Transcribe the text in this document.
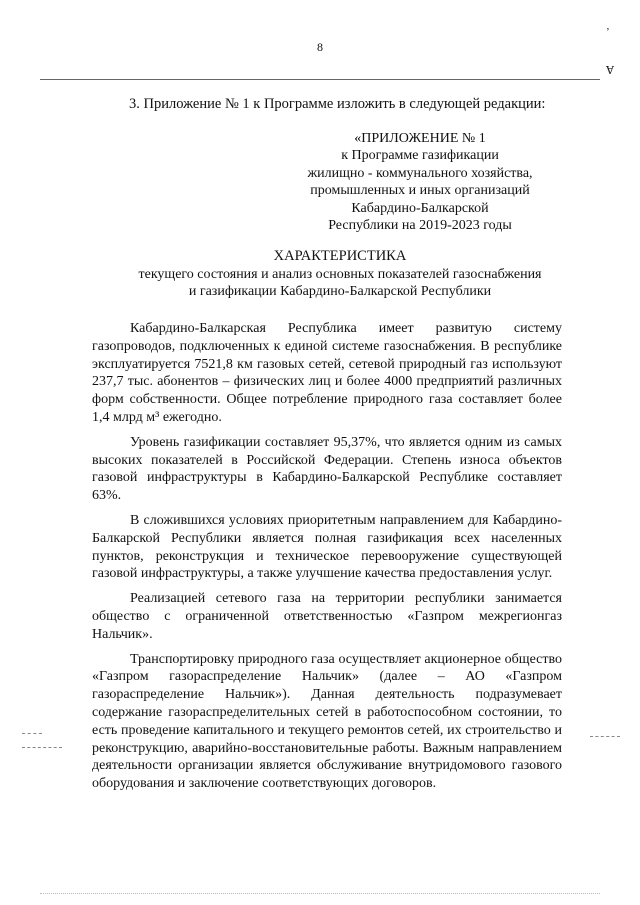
8
’
Ɐ
3. Приложение № 1 к Программе изложить в следующей редакции:
«ПРИЛОЖЕНИЕ № 1
к Программе газификации
жилищно - коммунального хозяйства,
промышленных и иных организаций
Кабардино-Балкарской
Республики на 2019-2023 годы
ХАРАКТЕРИСТИКА
текущего состояния и анализ основных показателей газоснабжения
и газификации Кабардино-Балкарской Республики

Кабардино-Балкарская Республика имеет развитую систему газопроводов, подключенных к единой системе газоснабжения. В республике эксплуатируется 7521,8 км газовых сетей, сетевой природный газ используют 237,7 тыс. абонентов – физических лиц и более 4000 предприятий различных форм собственности. Общее потребление природного газа составляет более 1,4 млрд м³ ежегодно.

Уровень газификации составляет 95,37%, что является одним из самых высоких показателей в Российской Федерации. Степень износа объектов газовой инфраструктуры в Кабардино-Балкарской Республике составляет 63%.

В сложившихся условиях приоритетным направлением для Кабардино-Балкарской Республики является полная газификация всех населенных пунктов, реконструкция и техническое перевооружение существующей газовой инфраструктуры, а также улучшение качества предоставления услуг.

Реализацией сетевого газа на территории республики занимается общество с ограниченной ответственностью «Газпром межрегионгаз Нальчик».

Транспортировку природного газа осуществляет акционерное общество «Газпром газораспределение Нальчик» (далее – АО «Газпром газораспределение Нальчик»). Данная деятельность подразумевает содержание газораспределительных сетей в работоспособном состоянии, то есть проведение капитального и текущего ремонтов сетей, их строительство и реконструкцию, аварийно-восстановительные работы. Важным направлением деятельности организации является обслуживание внутридомового газового оборудования и заключение соответствующих договоров.
